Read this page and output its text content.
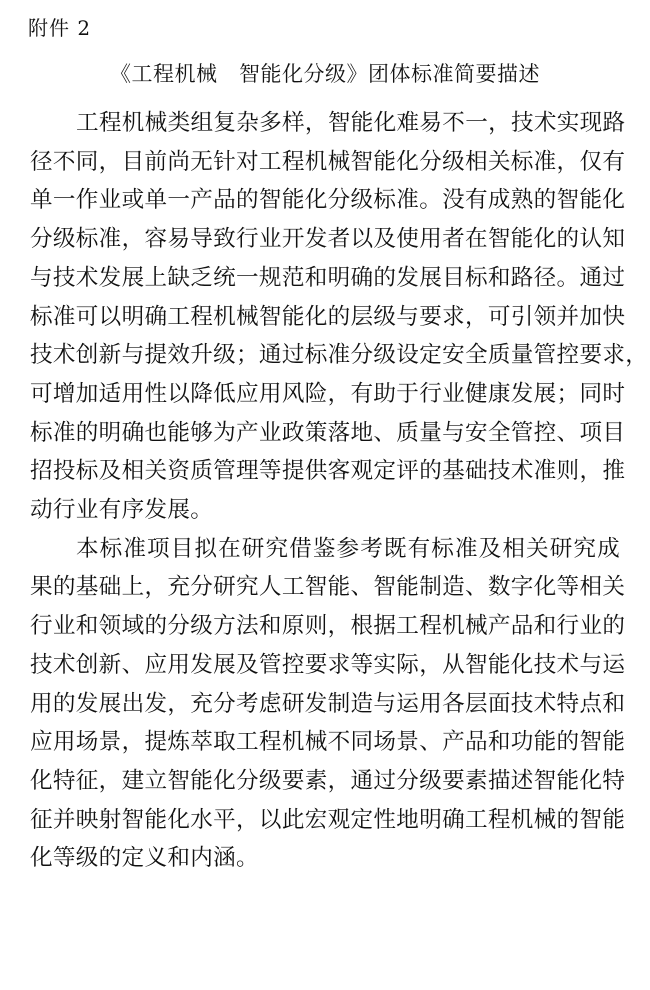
附件 2
《工程机械　智能化分级》团体标准简要描述

工程机械类组复杂多样，智能化难易不一，技术实现路
径不同，目前尚无针对工程机械智能化分级相关标准，仅有
单一作业或单一产品的智能化分级标准。没有成熟的智能化
分级标准，容易导致行业开发者以及使用者在智能化的认知
与技术发展上缺乏统一规范和明确的发展目标和路径。通过
标准可以明确工程机械智能化的层级与要求，可引领并加快
技术创新与提效升级；通过标准分级设定安全质量管控要求，
可增加适用性以降低应用风险，有助于行业健康发展；同时
标准的明确也能够为产业政策落地、质量与安全管控、项目
招投标及相关资质管理等提供客观定评的基础技术准则，推
动行业有序发展。

本标准项目拟在研究借鉴参考既有标准及相关研究成
果的基础上，充分研究人工智能、智能制造、数字化等相关
行业和领域的分级方法和原则，根据工程机械产品和行业的
技术创新、应用发展及管控要求等实际，从智能化技术与运
用的发展出发，充分考虑研发制造与运用各层面技术特点和
应用场景，提炼萃取工程机械不同场景、产品和功能的智能
化特征，建立智能化分级要素，通过分级要素描述智能化特
征并映射智能化水平，以此宏观定性地明确工程机械的智能
化等级的定义和内涵。
